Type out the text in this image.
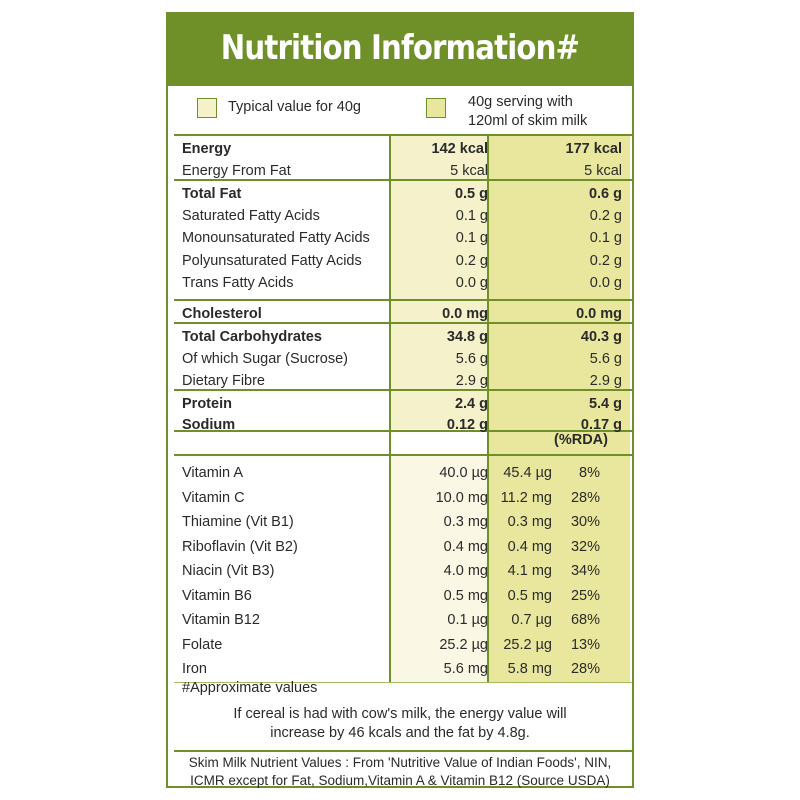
Nutrition Information#
Typical value for 40g	40g serving with
120ml of skim milk
Energy	142 kcal	177 kcal
Energy From Fat	5 kcal	5 kcal
Total Fat	0.5 g	0.6 g
Saturated Fatty Acids	0.1 g	0.2 g
Monounsaturated Fatty Acids	0.1 g	0.1 g
Polyunsaturated Fatty Acids	0.2 g	0.2 g
Trans Fatty Acids	0.0 g	0.0 g
Cholesterol	0.0 mg	0.0 mg
Total Carbohydrates	34.8 g	40.3 g
Of which Sugar (Sucrose)	5.6 g	5.6 g
Dietary Fibre	2.9 g	2.9 g
Protein	2.4 g	5.4 g
Sodium	0.12 g	0.17 g
(%RDA)
Vitamin A	40.0 µg	45.4 µg 8%
Vitamin C	10.0 mg 11.2 mg 28%
Thiamine (Vit B1)	0.3 mg	0.3 mg 30%
Riboflavin (Vit B2)	0.4 mg	0.4 mg 32%
Niacin (Vit B3)	4.0 mg	4.1 mg 34%
Vitamin B6	0.5 mg	0.5 mg 25%
Vitamin B12	0.1 µg	0.7 µg 68%
Folate	25.2 µg	25.2 µg 13%
Iron	5.6 mg	5.8 mg 28%
#Approximate values
If cereal is had with cow's milk, the energy value will
increase by 46 kcals and the fat by 4.8g.
Skim Milk Nutrient Values : From 'Nutritive Value of Indian Foods', NIN,
ICMR except for Fat, Sodium,Vitamin A & Vitamin B12 (Source USDA)
